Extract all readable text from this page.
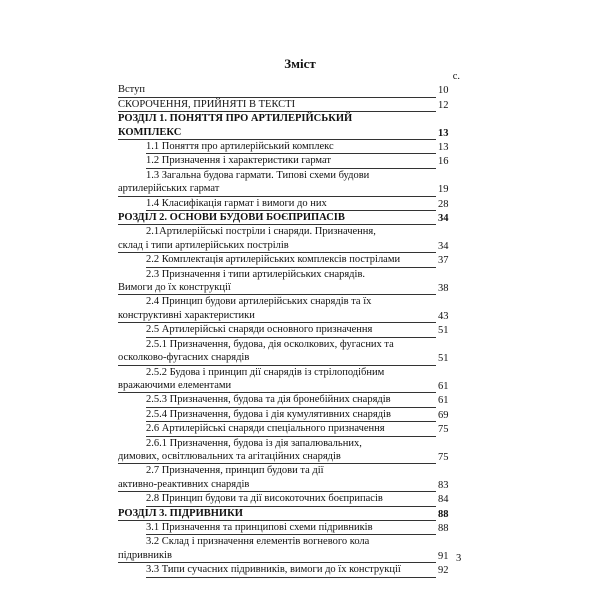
Зміст
с.
Вступ	10
СКОРОЧЕННЯ, ПРИЙНЯТІ В ТЕКСТІ	12
РОЗДІЛ 1. ПОНЯТТЯ ПРО АРТИЛЕРІЙСЬКИЙ
КОМПЛЕКС	13
1.1 Поняття про артилерійський комплекс	13
1.2 Призначення і характеристики гармат	16
1.3 Загальна будова гармати. Типові схеми будови
артилерійських гармат	19
1.4 Класифікація гармат і вимоги до них	28
РОЗДІЛ 2. ОСНОВИ БУДОВИ БОЄПРИПАСІВ	34
2.1Артилерійські постріли і снаряди. Призначення,
склад і типи артилерійських пострілів	34
2.2 Комплектація артилерійських комплексів пострілами	37
2.3 Призначення і типи артилерійських снарядів.
Вимоги до їх конструкції	38
2.4 Принцип будови артилерійських снарядів та їх
конструктивні характеристики	43
2.5 Артилерійські снаряди основного призначення	51
2.5.1 Призначення, будова, дія осколкових, фугасних та
осколково-фугасних снарядів	51
2.5.2 Будова і принцип дії снарядів із стрілоподібним
вражаючими елементами	61
2.5.3 Призначення, будова та дія бронебійних снарядів	61
2.5.4 Призначення, будова і дія кумулятивних снарядів	69
2.6 Артилерійські снаряди спеціального призначення	75
2.6.1 Призначення, будова із дія запалювальних,
димових, освітлювальних та агітаційних снарядів	75
2.7 Призначення, принцип будови та дії
активно-реактивних снарядів	83
2.8 Принцип будови та дії високоточних боєприпасів	84
РОЗДІЛ 3. ПІДРИВНИКИ	88
3.1 Призначення та принципові схеми підривників	88
3.2 Склад і призначення елементів вогневого кола
підривників	91
3.3 Типи сучасних підривників, вимоги до їх конструкції	92
3
